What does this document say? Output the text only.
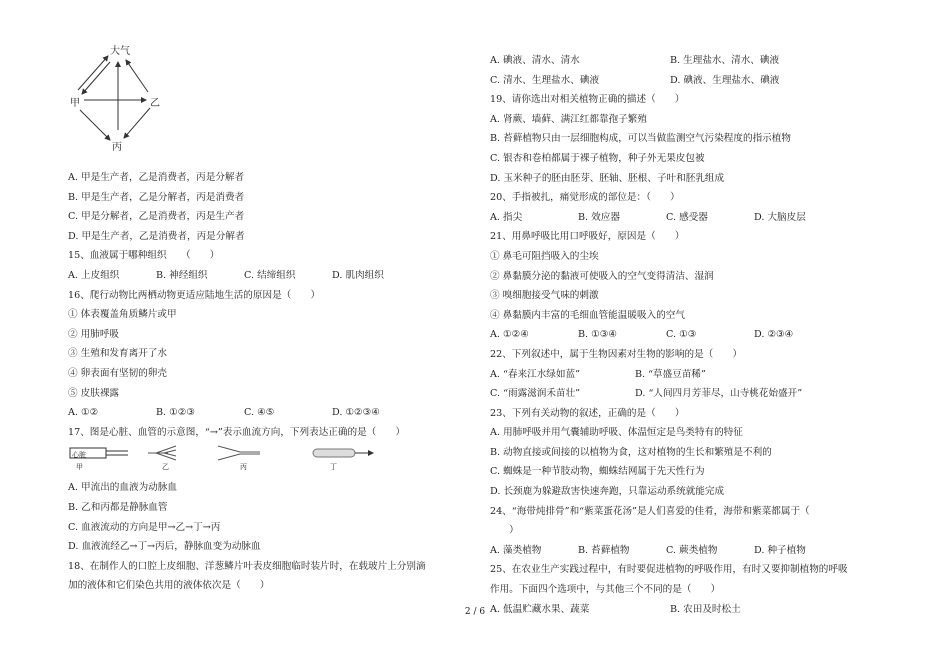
大气
甲	乙
丙
A. 甲是生产者，乙是消费者，丙是分解者
B. 甲是生产者，乙是分解者，丙是消费者
C. 甲是分解者，乙是消费者，丙是生产者
D. 甲是生产者，乙是消费者，丙是分解者
15、血液属于哪种组织　　（　　）
A. 上皮组织	B. 神经组织	C. 结缔组织	D. 肌肉组织
16、爬行动物比两栖动物更适应陆地生活的原因是（　　）
① 体表覆盖角质鳞片或甲
② 用肺呼吸
③ 生殖和发育离开了水
④ 卵表面有坚韧的卵壳
⑤ 皮肤裸露
A. ①②	B. ①②③	C. ④⑤	D. ①②③④
17、图是心脏、血管的示意图，“→”表示血流方向，下列表达正确的是（　　）
心脏
甲	乙	丙	丁
A. 甲流出的血液为动脉血
B. 乙和丙都是静脉血管
C. 血液流动的方向是甲→乙→丁→丙
D. 血液流经乙→丁→丙后，静脉血变为动脉血
18、在制作人的口腔上皮细胞、洋葱鳞片叶表皮细胞临时装片时，在载玻片上分别滴
加的液体和它们染色共用的液体依次是（　　）
A. 碘液、清水、清水	B. 生理盐水、清水、碘液
C. 清水、生理盐水、碘液	D. 碘液、生理盐水、碘液
19、请你选出对相关植物正确的描述（　　）
A. 肾蕨、墙藓、满江红都靠孢子繁殖
B. 苔藓植物只由一层细胞构成，可以当做监测空气污染程度的指示植物
C. 银杏和卷柏都属于裸子植物，种子外无果皮包被
D. 玉米种子的胚由胚芽、胚轴、胚根、子叶和胚乳组成
20、手指被扎，痛觉形成的部位是：（　　）
A. 指尖	B. 效应器	C. 感受器	D. 大脑皮层
21、用鼻呼吸比用口呼吸好，原因是（　　）
① 鼻毛可阻挡吸入的尘埃
② 鼻黏膜分泌的黏液可使吸入的空气变得清洁、湿润
③ 嗅细胞接受气味的刺激
④ 鼻黏膜内丰富的毛细血管能温暖吸入的空气
A. ①②④	B. ①③④	C. ①③	D. ②③④
22、下列叙述中，属于生物因素对生物的影响的是（　　）
A. “春来江水绿如蓝”	B. “草盛豆苗稀”
C. “雨露滋润禾苗壮”	D. “人间四月芳菲尽，山寺桃花始盛开”
23、下列有关动物的叙述，正确的是（　　）
A. 用肺呼吸并用气囊辅助呼吸、体温恒定是鸟类特有的特征
B. 动物直接或间接的以植物为食，这对植物的生长和繁殖是不利的
C. 蜘蛛是一种节肢动物，蜘蛛结网属于先天性行为
D. 长颈鹿为躲避敌害快速奔跑，只靠运动系统就能完成
24、“海带炖排骨”和“紫菜蛋花汤”是人们喜爱的佳肴，海带和紫菜都属于（
　　）
A. 藻类植物	B. 苔藓植物	C. 蕨类植物	D. 种子植物
25、在农业生产实践过程中，有时要促进植物的呼吸作用，有时又要抑制植物的呼吸
作用。下面四个选项中，与其他三个不同的是（　　）
A. 低温贮藏水果、蔬菜	B. 农田及时松土
2 / 6
